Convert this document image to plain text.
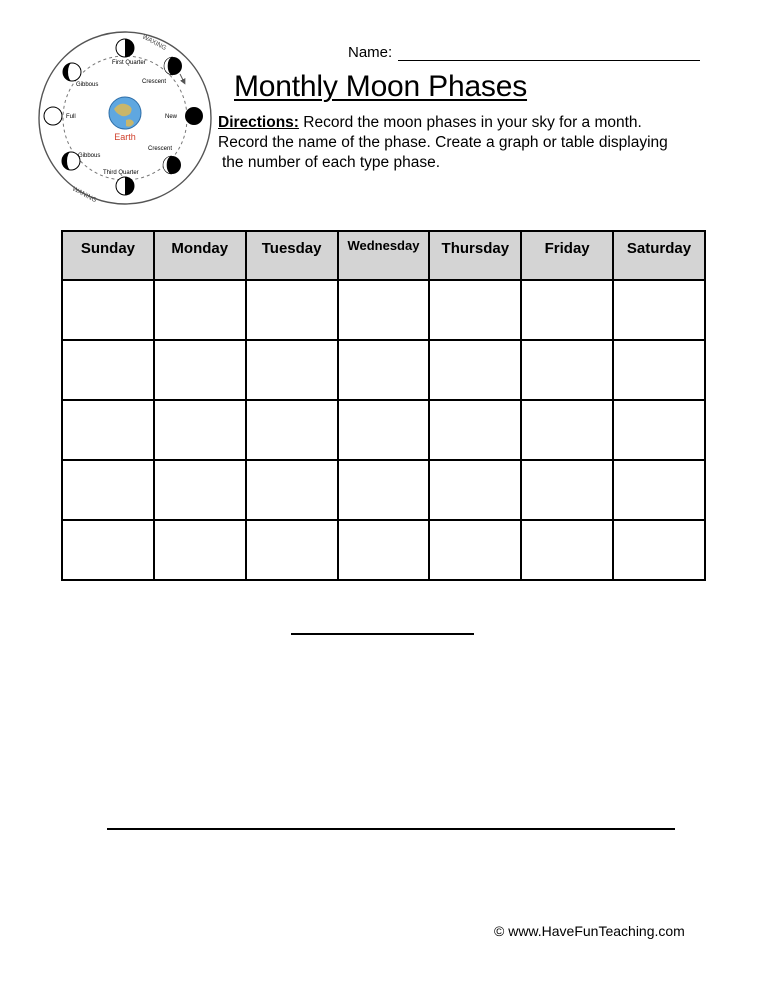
Earth
First Quarter
Gibbous	Crescent
Full	New
Gibbous
Crescent
Third Quarter
WAXING
WANING
Name:
Monthly Moon Phases
Directions: Record the moon phases in your sky for a month.
Record the name of the phase. Create a graph or table displaying
the number of each type phase.
Sunday	Monday	Tuesday	Wednesday	Thursday	Friday	Saturday

© www.HaveFunTeaching.com
